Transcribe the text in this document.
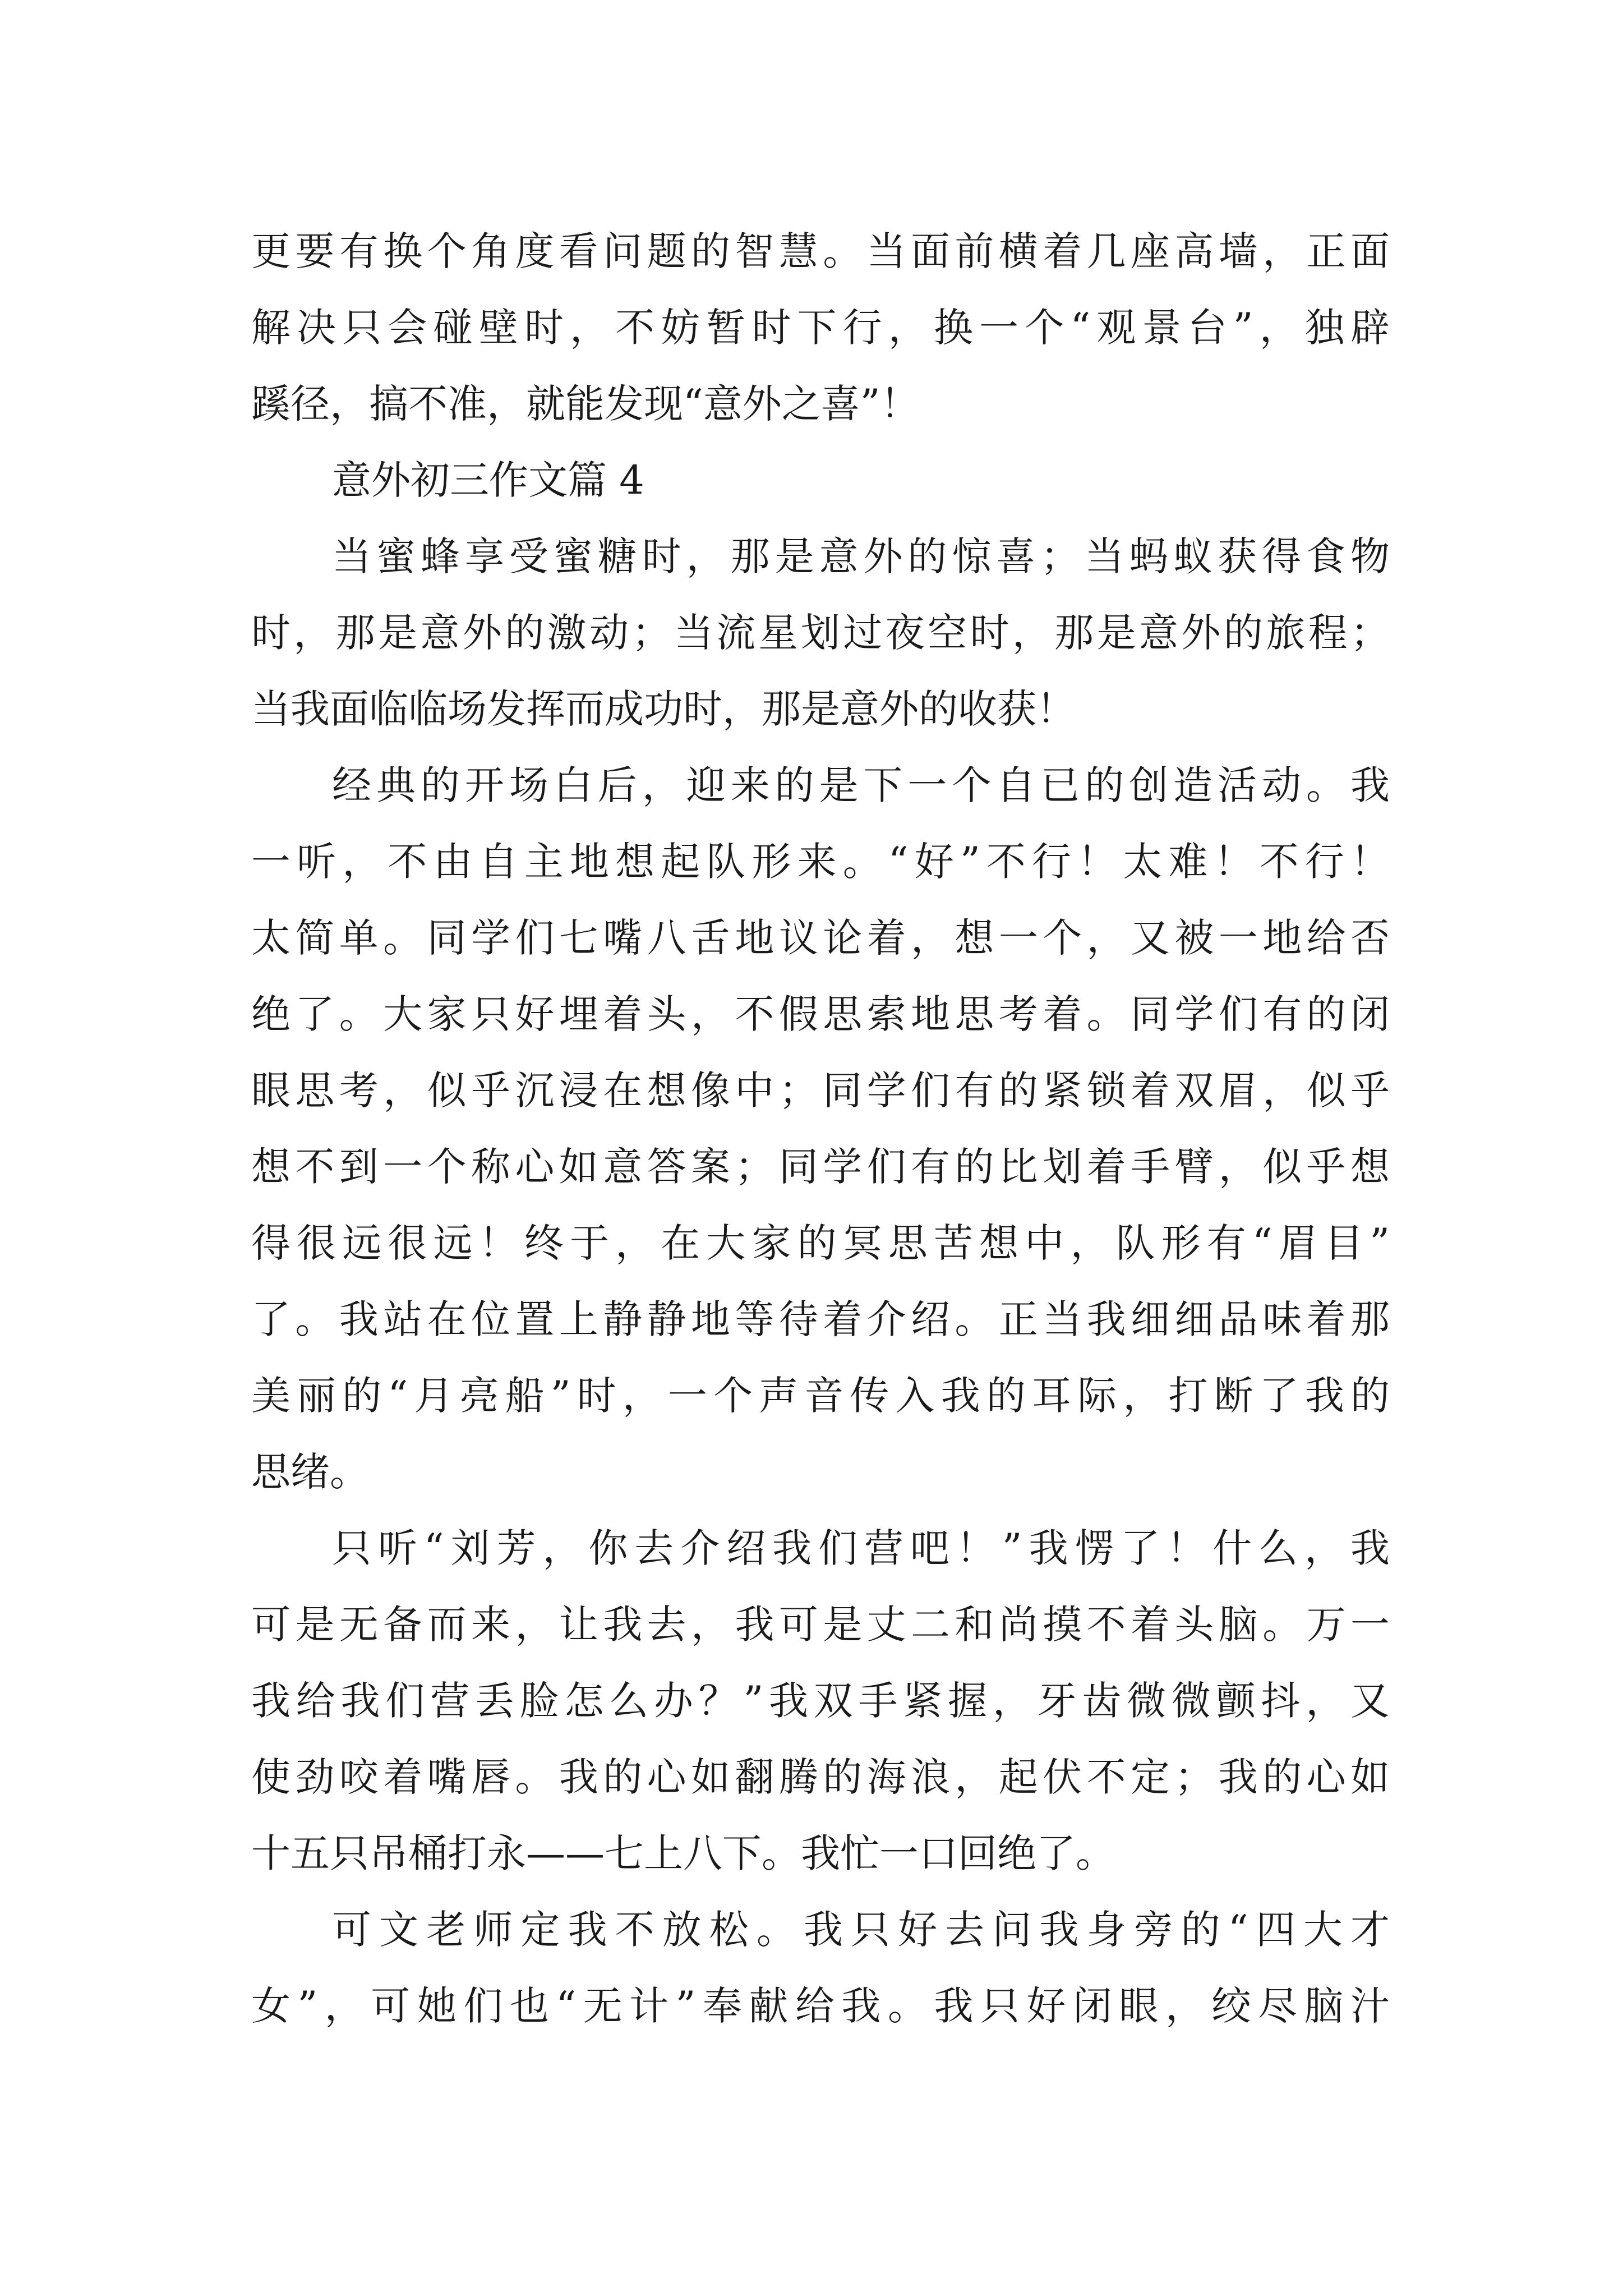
更要有换个角度看问题的智慧。当面前横着几座高墙，正面
解决只会碰壁时，不妨暂时下行，换一个“观景台”，独辟
蹊径，搞不准，就能发现“意外之喜”！
意外初三作文篇 4
当蜜蜂享受蜜糖时，那是意外的惊喜；当蚂蚁获得食物
时，那是意外的激动；当流星划过夜空时，那是意外的旅程；
当我面临临场发挥而成功时，那是意外的收获！
经典的开场白后，迎来的是下一个自已的创造活动。我
一听，不由自主地想起队形来。“好”不行！太难！不行！
太简单。同学们七嘴八舌地议论着，想一个，又被一地给否
绝了。大家只好埋着头，不假思索地思考着。同学们有的闭
眼思考，似乎沉浸在想像中；同学们有的紧锁着双眉，似乎
想不到一个称心如意答案；同学们有的比划着手臂，似乎想
得很远很远！终于，在大家的冥思苦想中，队形有“眉目”
了。我站在位置上静静地等待着介绍。正当我细细品味着那
美丽的“月亮船”时，一个声音传入我的耳际，打断了我的
思绪。
只听“刘芳，你去介绍我们营吧！”我愣了！什么，我
可是无备而来，让我去，我可是丈二和尚摸不着头脑。万一
我给我们营丢脸怎么办？”我双手紧握，牙齿微微颤抖，又
使劲咬着嘴唇。我的心如翻腾的海浪，起伏不定；我的心如
十五只吊桶打永——七上八下。我忙一口回绝了。
可文老师定我不放松。我只好去问我身旁的“四大才
女”，可她们也“无计”奉献给我。我只好闭眼，绞尽脑汁
